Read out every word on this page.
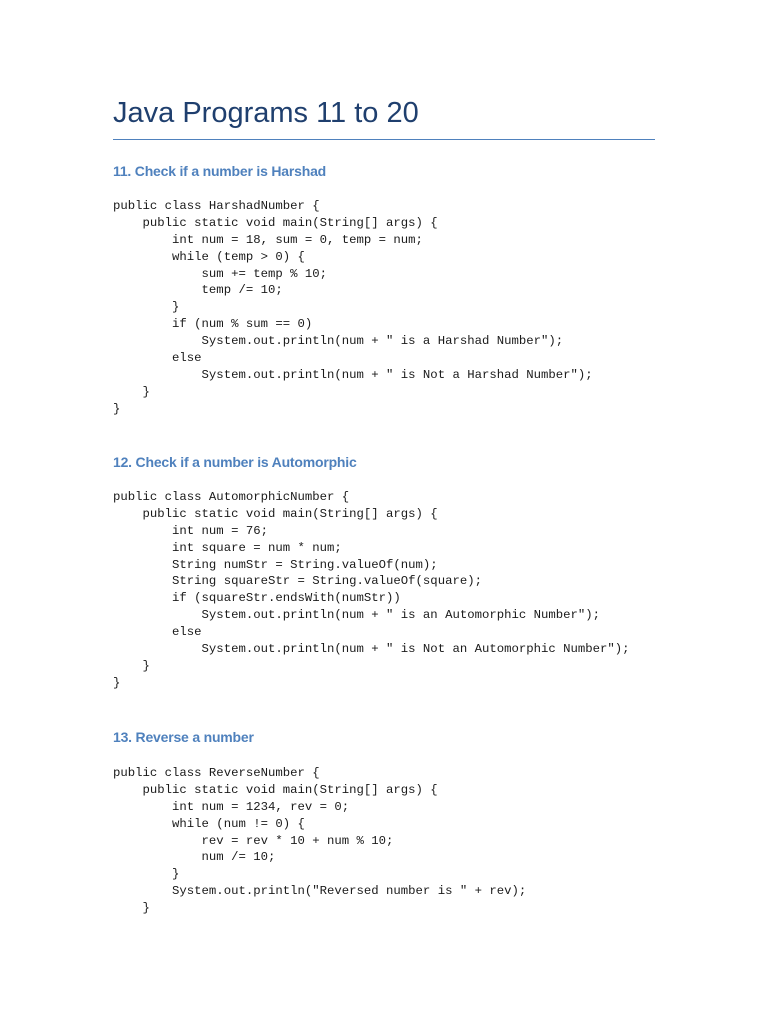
Java Programs 11 to 20
11. Check if a number is Harshad
public class HarshadNumber {
public static void main(String[] args) {
int num = 18, sum = 0, temp = num;
while (temp > 0) {
sum += temp % 10;
temp /= 10;
}
if (num % sum == 0)
System.out.println(num + " is a Harshad Number");
else
System.out.println(num + " is Not a Harshad Number");
}
}
12. Check if a number is Automorphic
public class AutomorphicNumber {
public static void main(String[] args) {
int num = 76;
int square = num * num;
String numStr = String.valueOf(num);
String squareStr = String.valueOf(square);
if (squareStr.endsWith(numStr))
System.out.println(num + " is an Automorphic Number");
else
System.out.println(num + " is Not an Automorphic Number");
}
}
13. Reverse a number
public class ReverseNumber {
public static void main(String[] args) {
int num = 1234, rev = 0;
while (num != 0) {
rev = rev * 10 + num % 10;
num /= 10;
}
System.out.println("Reversed number is " + rev);
}
